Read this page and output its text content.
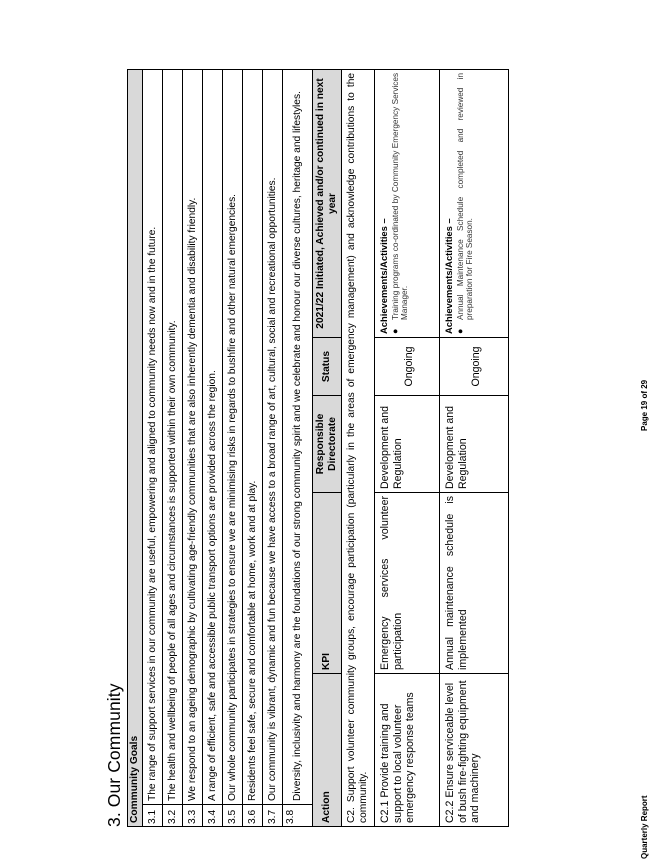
3. Our Community Community Goals					
3.1	The range of support services in our community are useful, empowering and aligned to community needs now and in the future.				
3.2	The health and wellbeing of people of all ages and circumstances is supported within their own community.				
3.3	We respond to an ageing demographic by cultivating age-friendly communities that are also inherently dementia and disability friendly.				
3.4	A range of efficient, safe and accessible public transport options are provided across the region.				
3.5	Our whole community participates in strategies to ensure we are minimising risks in regards to bushfire and other natural emergencies.				
3.6	Residents feel safe, secure and comfortable at home, work and at play.				
3.7	Our community is vibrant, dynamic and fun because we have access to a broad range of art, cultural, social and recreational opportunities.				
3.8	Diversity, inclusivity and harmony are the foundations of our strong community spirit and we celebrate and honour our diverse cultures, heritage and lifestyles.				
Action		KPI	Responsible Directorate	Status	2021/22 Initiated, Achieved and/or continued in next year
C2. Support volunteer community groups, encourage participation (particularly in the areas of emergency management) and acknowledge contributions to the community.					
C2.1 Provide training and support to local volunteer emergency response teams		Emergency services volunteer participation	Development and Regulation	Ongoing	Achievements/Activities – ●
Training programs co-ordinated by Community Emergency Services Manager.

C2.2 Ensure serviceable level of bush fire-fighting equipment and machinery		Annual maintenance schedule is implemented	Development and Regulation	Ongoing	Achievements/Activities – ●
Annual Maintenance Schedule completed and reviewed in preparation for Fire Season.
Quarterly Report
Page 19 of 29
